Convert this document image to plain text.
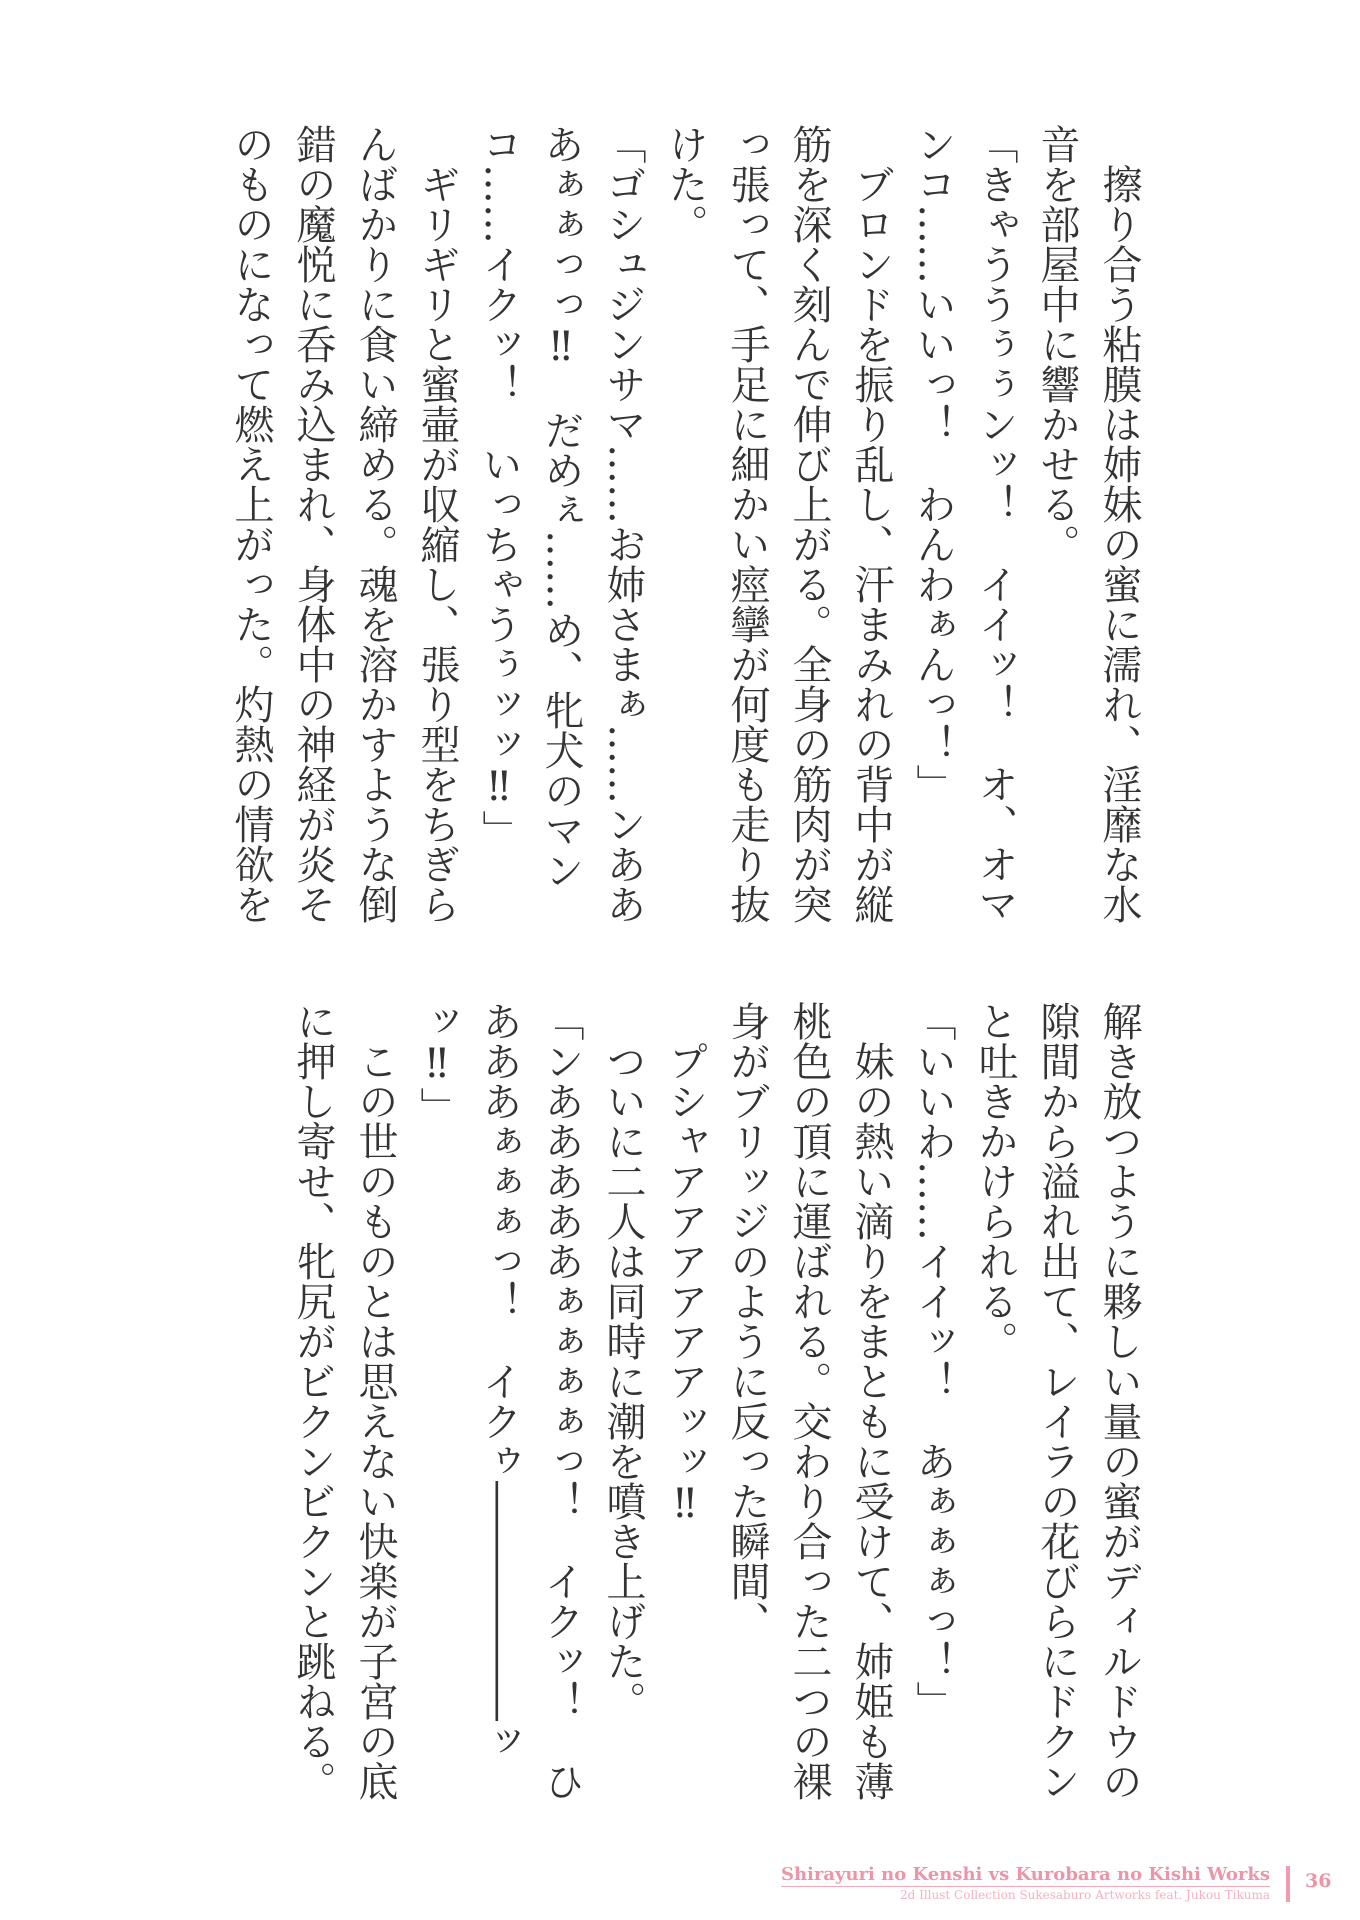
　擦り合う粘膜は姉妹の蜜に濡れ、淫靡な水
音を部屋中に響かせる。
「きゃううぅぅンッ！　イイッ！　オ、オマ
ンコ……いいっ！　わんわぁんっ！」
　ブロンドを振り乱し、汗まみれの背中が縦
筋を深く刻んで伸び上がる。全身の筋肉が突
っ張って、手足に細かい痙攣が何度も走り抜
けた。
「ゴシュジンサマ……お姉さまぁ……ンああ
あぁぁっっ‼　だめぇ……め、牝犬のマン
コ……イクッ！　いっちゃうぅッッ‼」
　ギリギリと蜜壷が収縮し、張り型をちぎら
んばかりに食い締める。魂を溶かすような倒
錯の魔悦に呑み込まれ、身体中の神経が炎そ
のものになって燃え上がった。灼熱の情欲を
解き放つように夥しい量の蜜がディルドウの
隙間から溢れ出て、レイラの花びらにドクン
と吐きかけられる。
「いいわ……イイッ！　あぁぁぁっ！」
　妹の熱い滴りをまともに受けて、姉姫も薄
桃色の頂に運ばれる。交わり合った二つの裸
身がブリッジのように反った瞬間、
　プシャアアアアアアッッ‼
　ついに二人は同時に潮を噴き上げた。
「ンあああああぁぁぁぁっ！　イクッ！　ひ
あああぁぁぁっ！　イクゥ――――――ッ
ッ‼」
　この世のものとは思えない快楽が子宮の底
に押し寄せ、牝尻がビクンビクンと跳ねる。
Shirayuri no Kenshi vs Kurobara no Kishi Works
2d Illust Collection Sukesaburo Artworks feat. Jukou Tikuma
36
